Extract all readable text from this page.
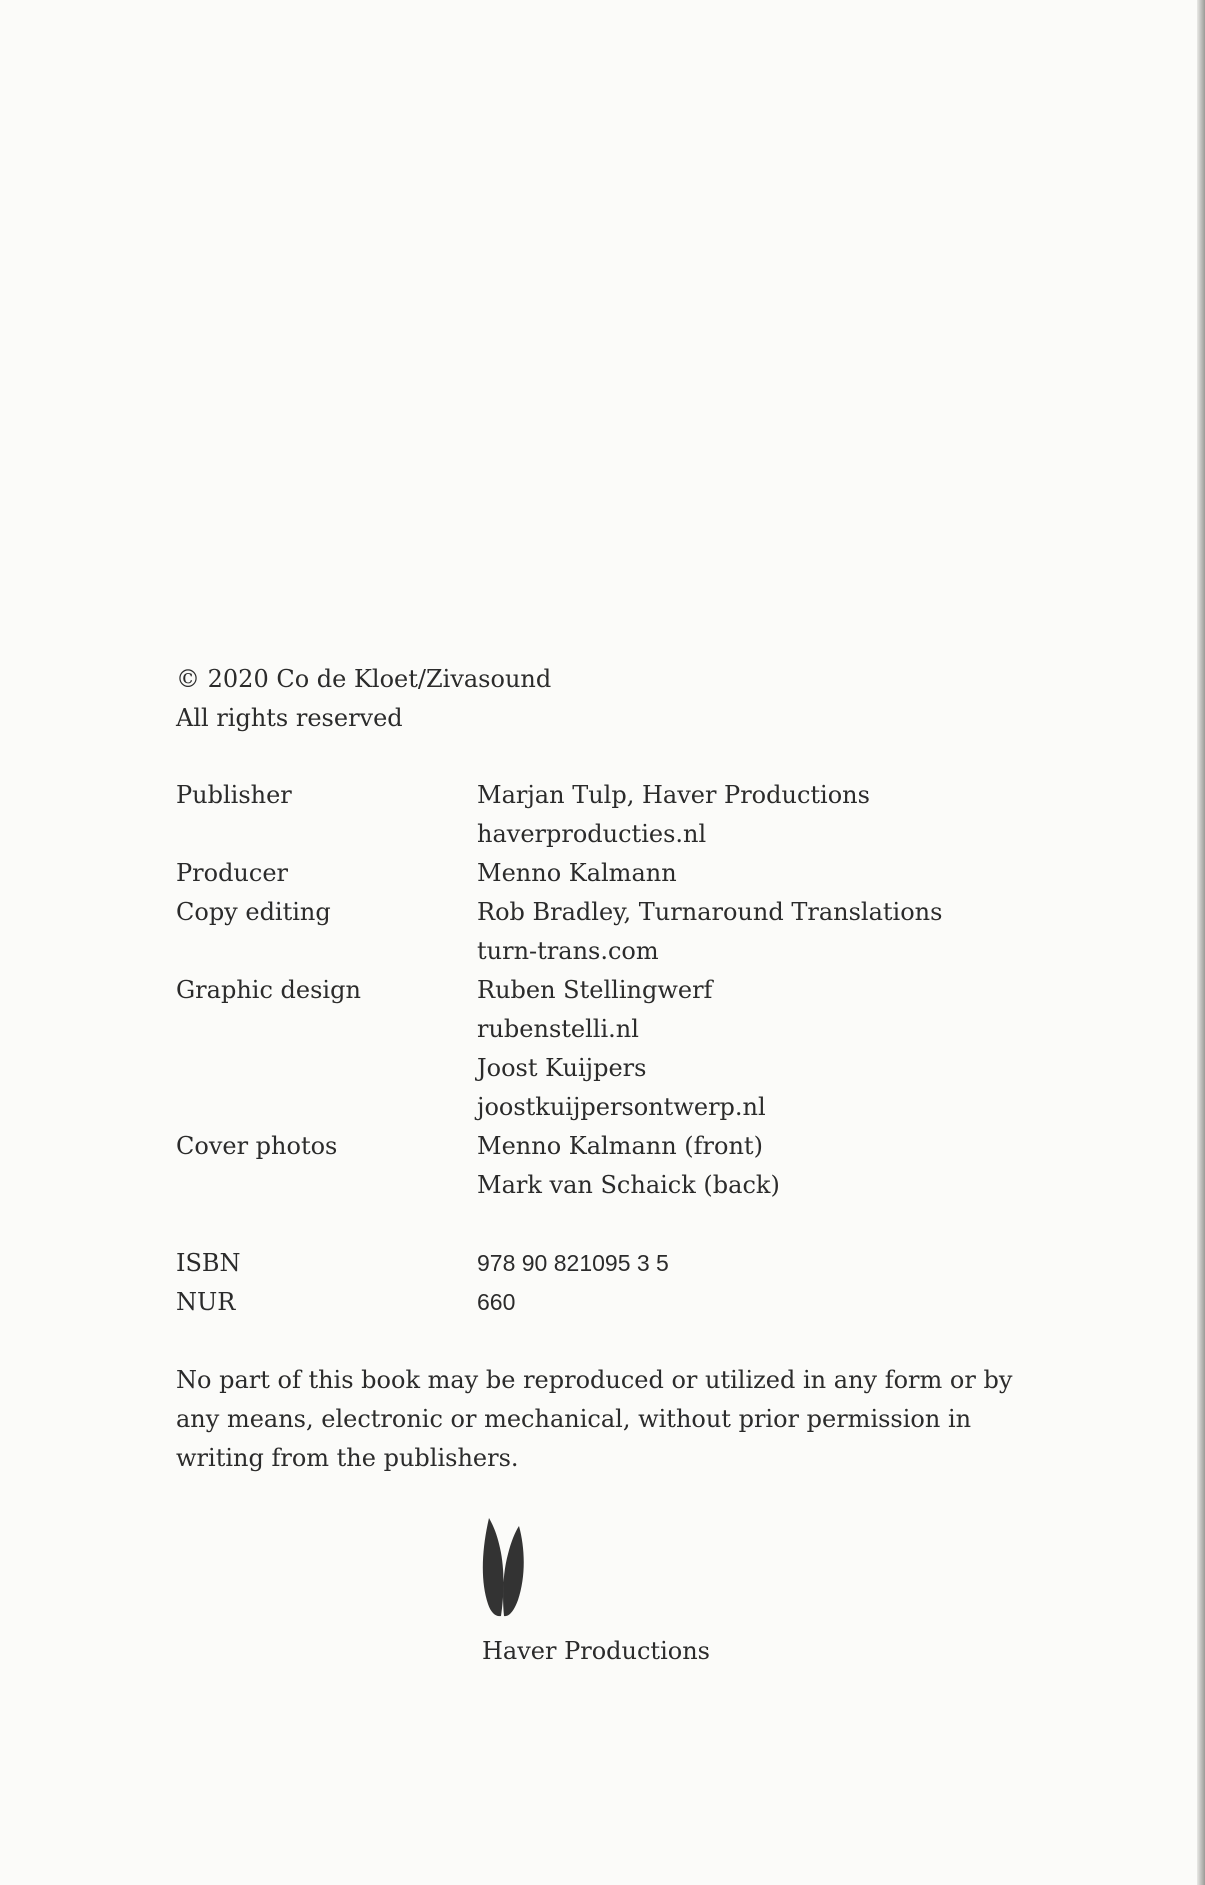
© 2020 Co de Kloet/Zivasound
All rights reserved
Publisher	Marjan Tulp, Haver Productions
haverproducties.nl
Producer	Menno Kalmann
Copy editing	Rob Bradley, Turnaround Translations
turn-trans.com
Graphic design	Ruben Stellingwerf
rubenstelli.nl
Joost Kuijpers
joostkuijpersontwerp.nl
Cover photos	Menno Kalmann (front)
Mark van Schaick (back)
ISBN	978 90 821095 3 5
NUR	660
No part of this book may be reproduced or utilized in any form or by
any means, electronic or mechanical, without prior permission in
writing from the publishers.
Haver Productions
